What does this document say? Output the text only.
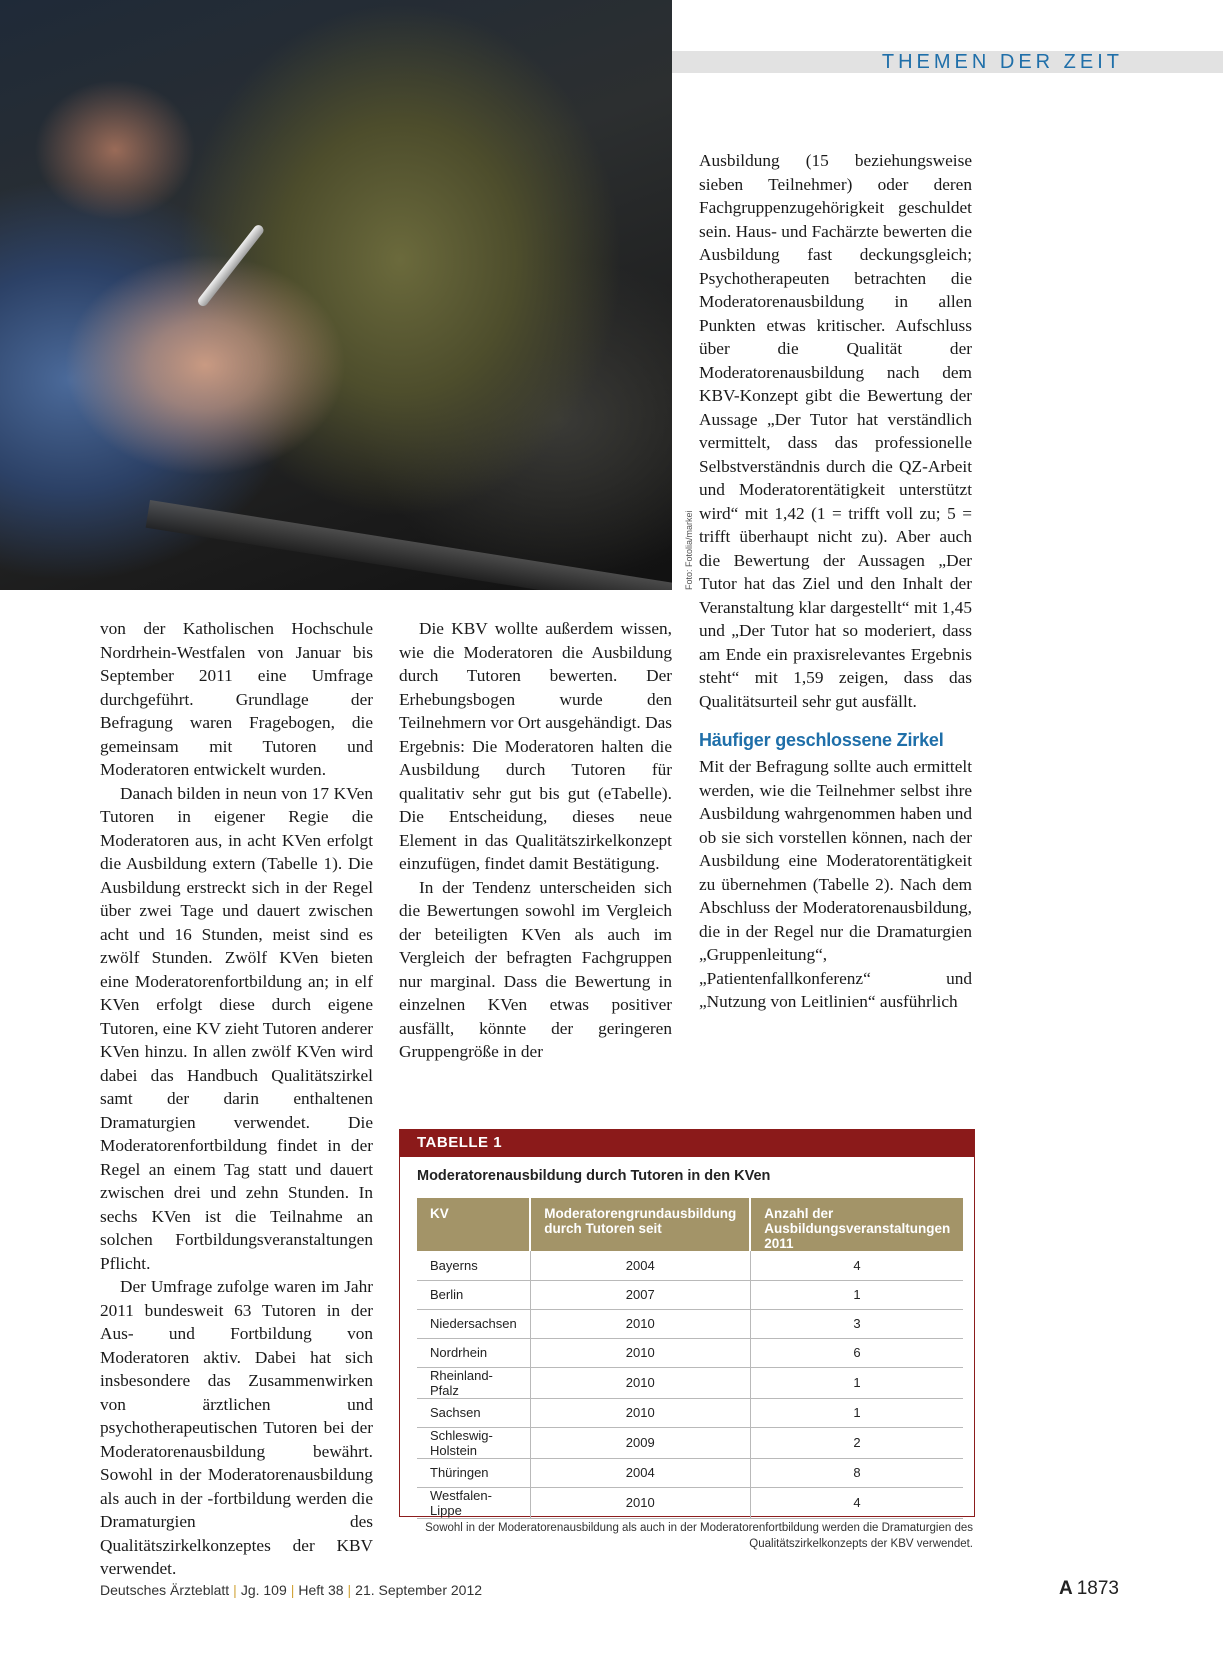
Foto: Fotolia/markei
THEMEN DER ZEIT

von der Katholischen Hochschule Nordrhein-Westfalen von Januar bis September 2011 eine Umfrage durchgeführt. Grundlage der Befragung waren Fragebogen, die gemeinsam mit Tutoren und Moderatoren entwickelt wurden.

Danach bilden in neun von 17 KVen Tutoren in eigener Regie die Moderatoren aus, in acht KVen erfolgt die Ausbildung extern (Tabelle 1). Die Ausbildung erstreckt sich in der Regel über zwei Tage und dauert zwischen acht und 16 Stunden, meist sind es zwölf Stunden. Zwölf KVen bieten eine Moderatorenfortbildung an; in elf KVen erfolgt diese durch eigene Tutoren, eine KV zieht Tutoren anderer KVen hinzu. In allen zwölf KVen wird dabei das Handbuch Qualitätszirkel samt der darin enthaltenen Dramaturgien verwendet. Die Moderatorenfortbildung findet in der Regel an einem Tag statt und dauert zwischen drei und zehn Stunden. In sechs KVen ist die Teilnahme an solchen Fortbildungsveranstaltungen Pflicht.

Der Umfrage zufolge waren im Jahr 2011 bundesweit 63 Tutoren in der Aus- und Fortbildung von Moderatoren aktiv. Dabei hat sich insbesondere das Zusammenwirken von ärztlichen und psychotherapeutischen Tutoren bei der Moderatorenausbildung bewährt. Sowohl in der Moderatorenausbildung als auch in der -fortbildung werden die Dramaturgien des Qualitätszirkelkonzeptes der KBV verwendet.

Die KBV wollte außerdem wissen, wie die Moderatoren die Ausbildung durch Tutoren bewerten. Der Erhebungsbogen wurde den Teilnehmern vor Ort ausgehändigt. Das Ergebnis: Die Moderatoren halten die Ausbildung durch Tutoren für qualitativ sehr gut bis gut (eTabelle). Die Entscheidung, dieses neue Element in das Qualitätszirkelkonzept einzufügen, findet damit Bestätigung.

In der Tendenz unterscheiden sich die Bewertungen sowohl im Vergleich der beteiligten KVen als auch im Vergleich der befragten Fachgruppen nur marginal. Dass die Bewertung in einzelnen KVen etwas positiver ausfällt, könnte der geringeren Gruppengröße in der

Ausbildung (15 beziehungsweise sieben Teilnehmer) oder deren Fachgruppenzugehörigkeit geschuldet sein. Haus- und Fachärzte bewerten die Ausbildung fast deckungsgleich; Psychotherapeuten betrachten die Moderatorenausbildung in allen Punkten etwas kritischer. Aufschluss über die Qualität der Moderatorenausbildung nach dem KBV-Konzept gibt die Bewertung der Aussage „Der Tutor hat verständlich vermittelt, dass das professionelle Selbstverständnis durch die QZ-Arbeit und Moderatorentätigkeit unterstützt wird“ mit 1,42 (1 = trifft voll zu; 5 = trifft überhaupt nicht zu). Aber auch die Bewertung der Aussagen „Der Tutor hat das Ziel und den Inhalt der Veranstaltung klar dargestellt“ mit 1,45 und „Der Tutor hat so moderiert, dass am Ende ein praxisrelevantes Ergebnis steht“ mit 1,59 zeigen, dass das Qualitätsurteil sehr gut ausfällt.

Häufiger geschlossene Zirkel

Mit der Befragung sollte auch ermittelt werden, wie die Teilnehmer selbst ihre Ausbildung wahrgenommen haben und ob sie sich vorstellen können, nach der Ausbildung eine Moderatorentätigkeit zu übernehmen (Tabelle 2). Nach dem Abschluss der Moderatorenausbildung, die in der Regel nur die Dramaturgien „Gruppenleitung“, „Patientenfallkonferenz“ und „Nutzung von Leitlinien“ ausführlich

TABELLE 1
Moderatorenausbildung durch Tutoren in den KVen
KV	Moderatorengrundausbildung durch Tutoren seit	Anzahl der Ausbildungsveranstaltungen 2011
Bayerns	2004	4
Berlin	2007	1
Niedersachsen	2010	3
Nordrhein	2010	6
Rheinland-Pfalz	2010	1
Sachsen	2010	1
Schleswig-Holstein	2009	2
Thüringen	2004	8
Westfalen-Lippe	2010	4
Sowohl in der Moderatorenausbildung als auch in der Moderatorenfortbildung werden die Dramaturgien des Qualitätszirkelkonzepts der KBV verwendet.
Deutsches Ärzteblatt | Jg. 109 | Heft 38 | 21. September 2012	A 1873
